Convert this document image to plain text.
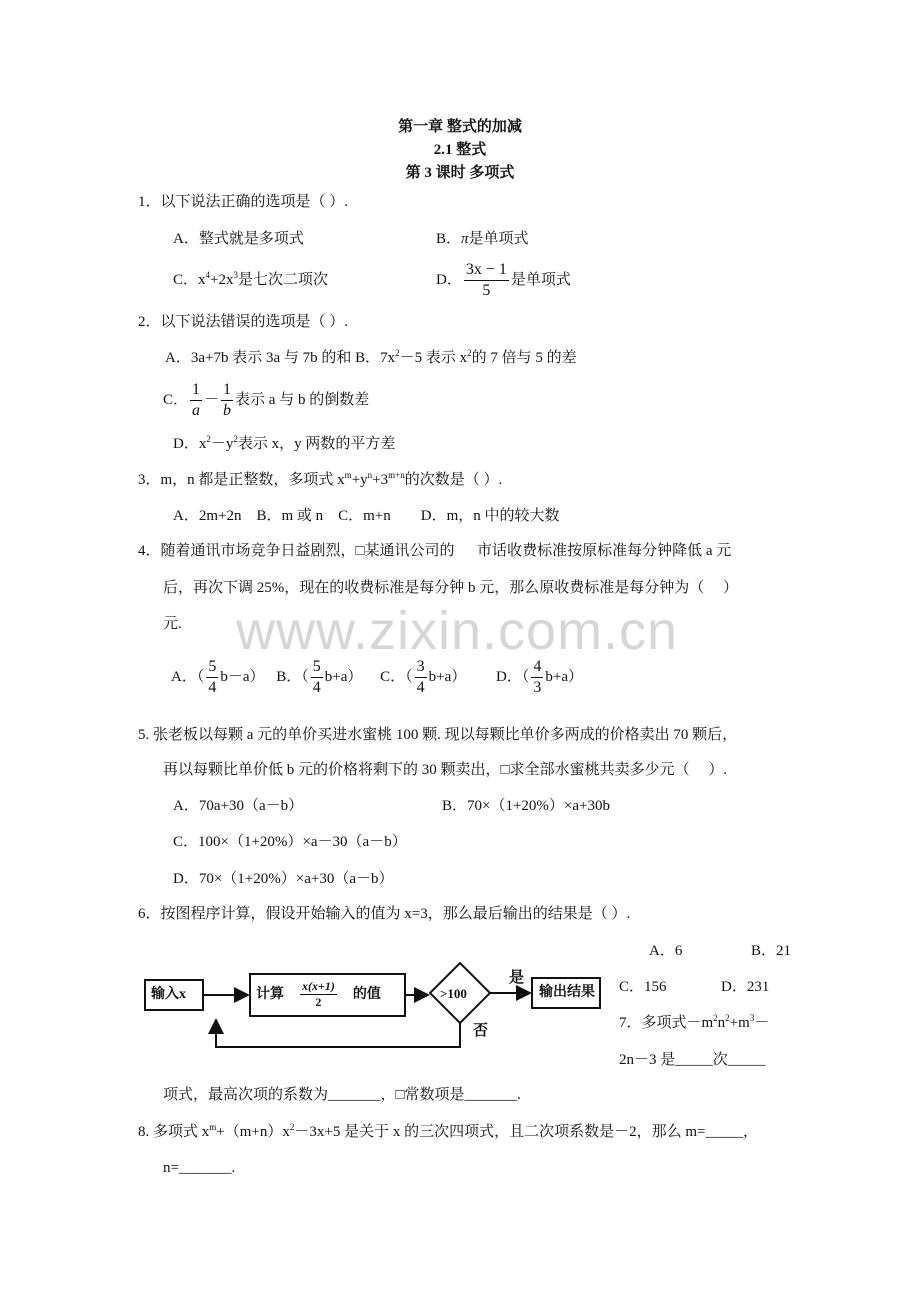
www.zixin.com.cn
第一章 整式的加减
2.1 整式
第 3 课时 多项式
1．以下说法正确的选项是（ ）.
A．整式就是多项式	B．π是单项式
C．$x^4+2x^3$是七次二项次	D． $\frac{3x - 1}{5}$ 是单项式
2．以下说法错误的选项是（ ）.
A．3a+7b 表示 3a 与 7b 的和 B．$7x^2-5$ 表示 $x^2$的 7 倍与 5 的差
C． $\frac{1}{a} - \frac{1}{b}$ 表示 a 与 b 的倒数差
D．$x^2-y^2$表示 x，y 两数的平方差
3．m，n 都是正整数，多项式 $x^m+y^n+3^{m+n}$的次数是（ ）.
A．2m+2n    B．m 或 n    C．m+n        D．m，n 中的较大数
4．随着通讯市场竞争日益剧烈，□某通讯公司的      市话收费标准按原标准每分钟降低 a 元
后，再次下调 25%，现在的收费标准是每分钟 b 元，那么原收费标准是每分钟为（     ）
元.
A．（ $\frac{5}{4} b-a$） B．（ $\frac{5}{4} b+a$） C．（ $\frac{3}{4} b+a$） D．（ $\frac{4}{3} b+a$）
5. 张老板以每颗 a 元的单价买进水蜜桃 100 颗. 现以每颗比单价多两成的价格卖出 70 颗后，
再以每颗比单价低 b 元的价格将剩下的 30 颗卖出，□求全部水蜜桃共卖多少元（     ）.
A．70a+30（a－b）	B．70×（1+20%）×a+30b
C．100×（1+20%）×a－30（a－b）
D．70×（1+20%）×a+30（a－b）
6．按图程序计算，假设开始输入的值为 x=3，那么最后输出的结果是（ ）.
A．6	B．21
C．156	D．231
输入x	计算 $\frac{x(x+1)}{2}$ 的值	>100
是
否
输出结果
7．多项式$-m^2n^2+m^3-$
2n－3 是_____次_____
项式，最高次项的系数为_______，□常数项是_______.
8. 多项式 $x^m+(m+n)x^2-3x+5$ 是关于 x 的三次四项式，且二次项系数是－2，那么 m=_____，
n=_______.
